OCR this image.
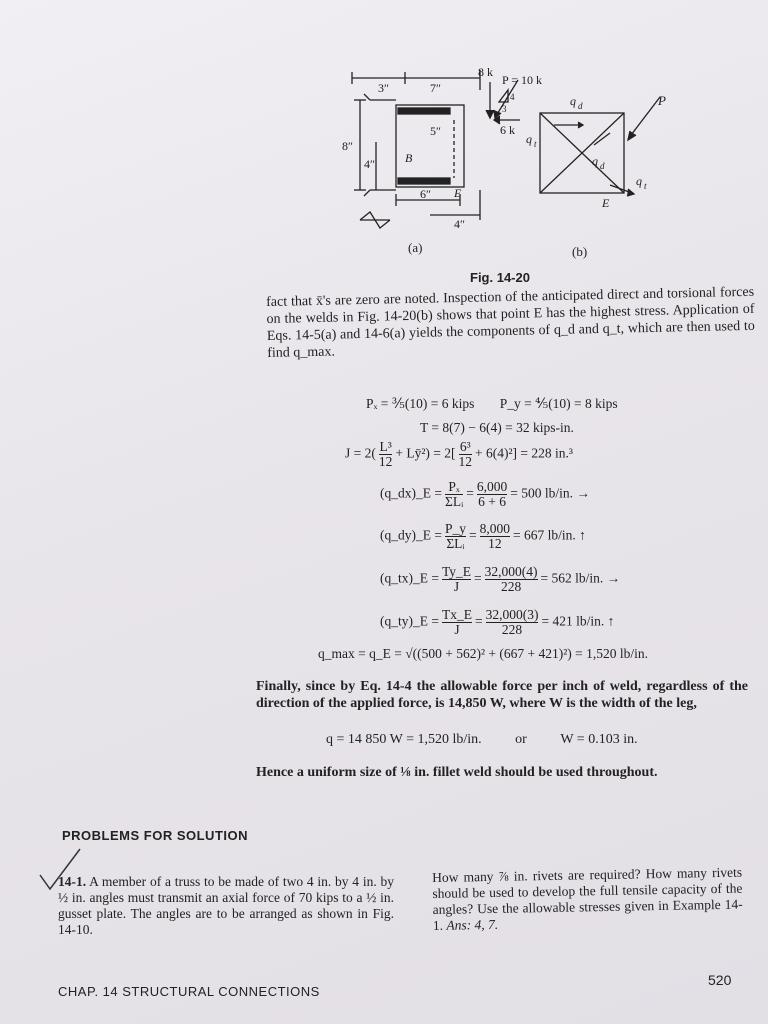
3″	7″
8″
4″
5″
B
6″ E
4″
8 k
P = 10 k
6 k
4
3
P
q d
q t
q d
q t
E
(a)	(b)
Fig. 14-20
fact that x̄'s are zero are noted. Inspection of the anticipated direct and torsional forces on the welds in Fig. 14-20(b) shows that point E has the highest stress. Application of Eqs. 14-5(a) and 14-6(a) yields the components of q_d and q_t, which are then used to find q_max.
Pₓ = ⅗(10) = 6 kips P_y = ⅘(10) = 8 kips
T = 8(7) − 6(4) = 32 kips-in.
$J = 2( \frac{\text{L³}}{12}$ + Lȳ²) = $2[ \frac{\text{6³}}{12} + 6(4)^2] = 228$ in.³
(q_dx)_E = $\frac{\text{Pₓ}}{\text{ΣLᵢ}} = \frac{6,000}{6 + 6} = 500$ lb/in. →
(q_dy)_E = $\frac{P\_y}{\text{ΣLᵢ}} = \frac{8,000}{12} = 667$ lb/in. ↑
(q_tx)_E = $\frac{Ty\_E}{J} = \frac{32,000(4)}{228} = 562$ lb/in. →
(q_ty)_E = $\frac{Tx\_E}{J} = \frac{32,000(3)}{228} = 421$ lb/in. ↑
q_max = q_E = √((500 + 562)² + (667 + 421)²) = 1,520 lb/in.
Finally, since by Eq. 14-4 the allowable force per inch of weld, regardless of the direction of the applied force, is 14,850 W, where W is the width of the leg,
q = 14 850 W = 1,520 lb/in. or W = 0.103 in.
Hence a uniform size of ⅛ in. fillet weld should be used throughout.
PROBLEMS FOR SOLUTION
14-1. A member of a truss to be made of two 4 in. by 4 in. by ½ in. angles must transmit an axial force of 70 kips to a ½ in. gusset plate. The angles are to be arranged as shown in Fig. 14-10.
How many ⅞ in. rivets are required? How many rivets should be used to develop the full tensile capacity of the angles? Use the allowable stresses given in Example 14-1. Ans: 4, 7.
CHAP. 14 STRUCTURAL CONNECTIONS
520
